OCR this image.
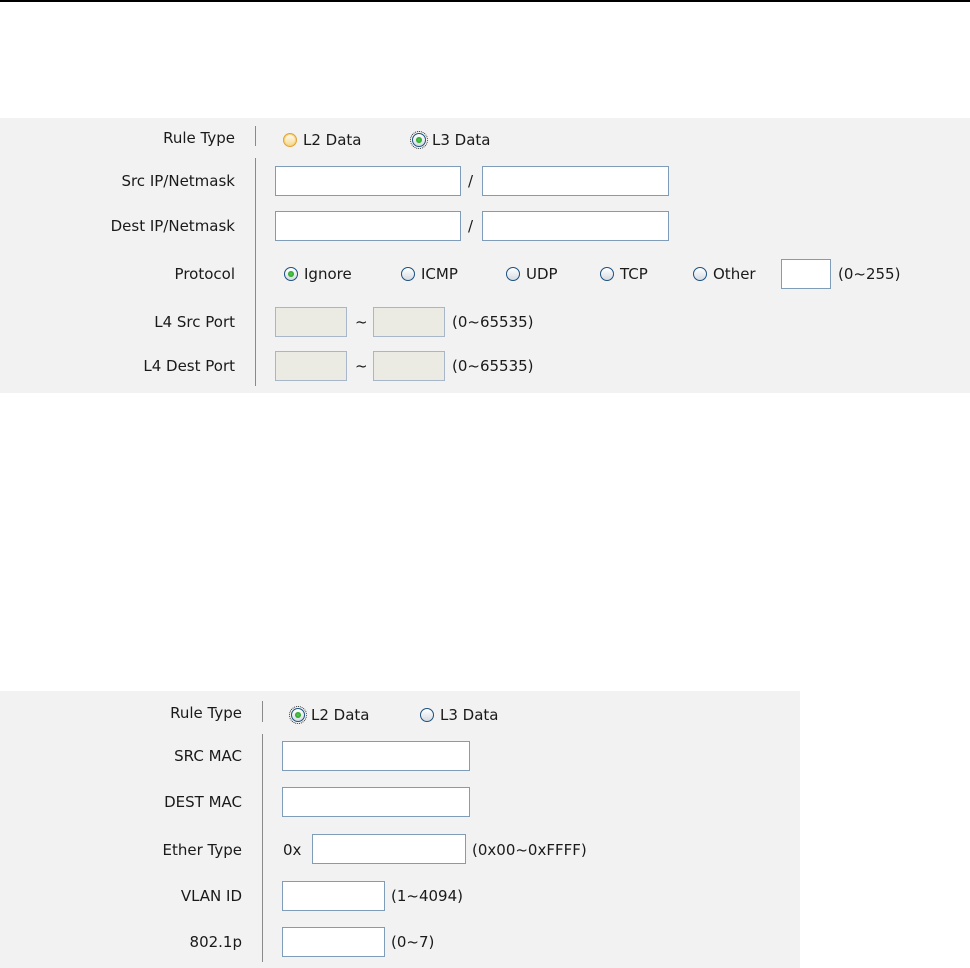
Rule Type	L2 Data	L3 Data
Src IP/Netmask	/
Dest IP/Netmask	/
Protocol	Ignore	ICMP	UDP	TCP	Other	(0~255)
L4 Src Port	~	(0~65535)
L4 Dest Port	~	(0~65535)
Rule Type	L2 Data	L3 Data
SRC MAC
DEST MAC
Ether Type	0x	(0x00~0xFFFF)
VLAN ID	(1~4094)
802.1p	(0~7)
